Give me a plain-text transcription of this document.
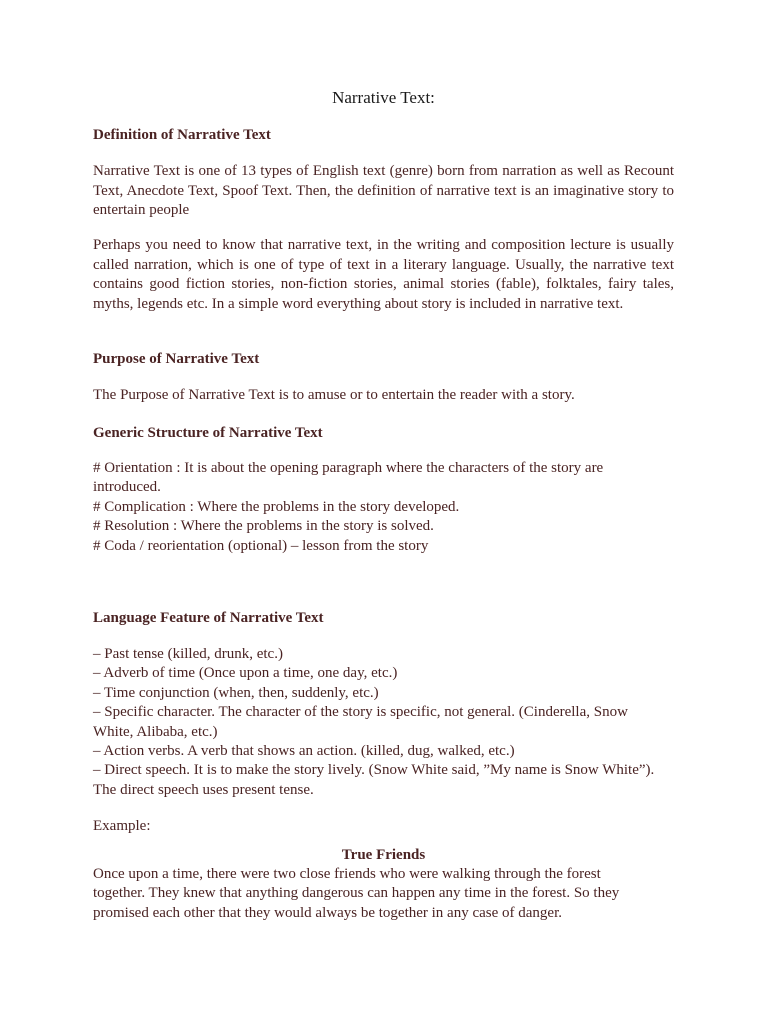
Narrative Text:
Definition of Narrative Text
Narrative Text is one of 13 types of English text (genre) born from narration as well as Recount Text, Anecdote Text, Spoof Text. Then, the definition of narrative text is an imaginative story to entertain people
Perhaps you need to know that narrative text, in the writing and composition lecture is usually called narration, which is one of type of text in a literary language. Usually, the narrative text contains good fiction stories, non-fiction stories, animal stories (fable), folktales, fairy tales, myths, legends etc. In a simple word everything about story is included in narrative text.
Purpose of Narrative Text
The Purpose of Narrative Text is to amuse or to entertain the reader with a story.
Generic Structure of Narrative Text
# Orientation : It is about the opening paragraph where the characters of the story are
introduced.
# Complication : Where the problems in the story developed.
# Resolution : Where the problems in the story is solved.
# Coda / reorientation (optional) – lesson from the story
Language Feature of Narrative Text
– Past tense (killed, drunk, etc.)
– Adverb of time (Once upon a time, one day, etc.)
– Time conjunction (when, then, suddenly, etc.)
– Specific character. The character of the story is specific, not general. (Cinderella, Snow
White, Alibaba, etc.)
– Action verbs. A verb that shows an action. (killed, dug, walked, etc.)
– Direct speech. It is to make the story lively. (Snow White said, ”My name is Snow White”).
The direct speech uses present tense.
Example:
True Friends
Once upon a time, there were two close friends who were walking through the forest
together. They knew that anything dangerous can happen any time in the forest. So they
promised each other that they would always be together in any case of danger.
